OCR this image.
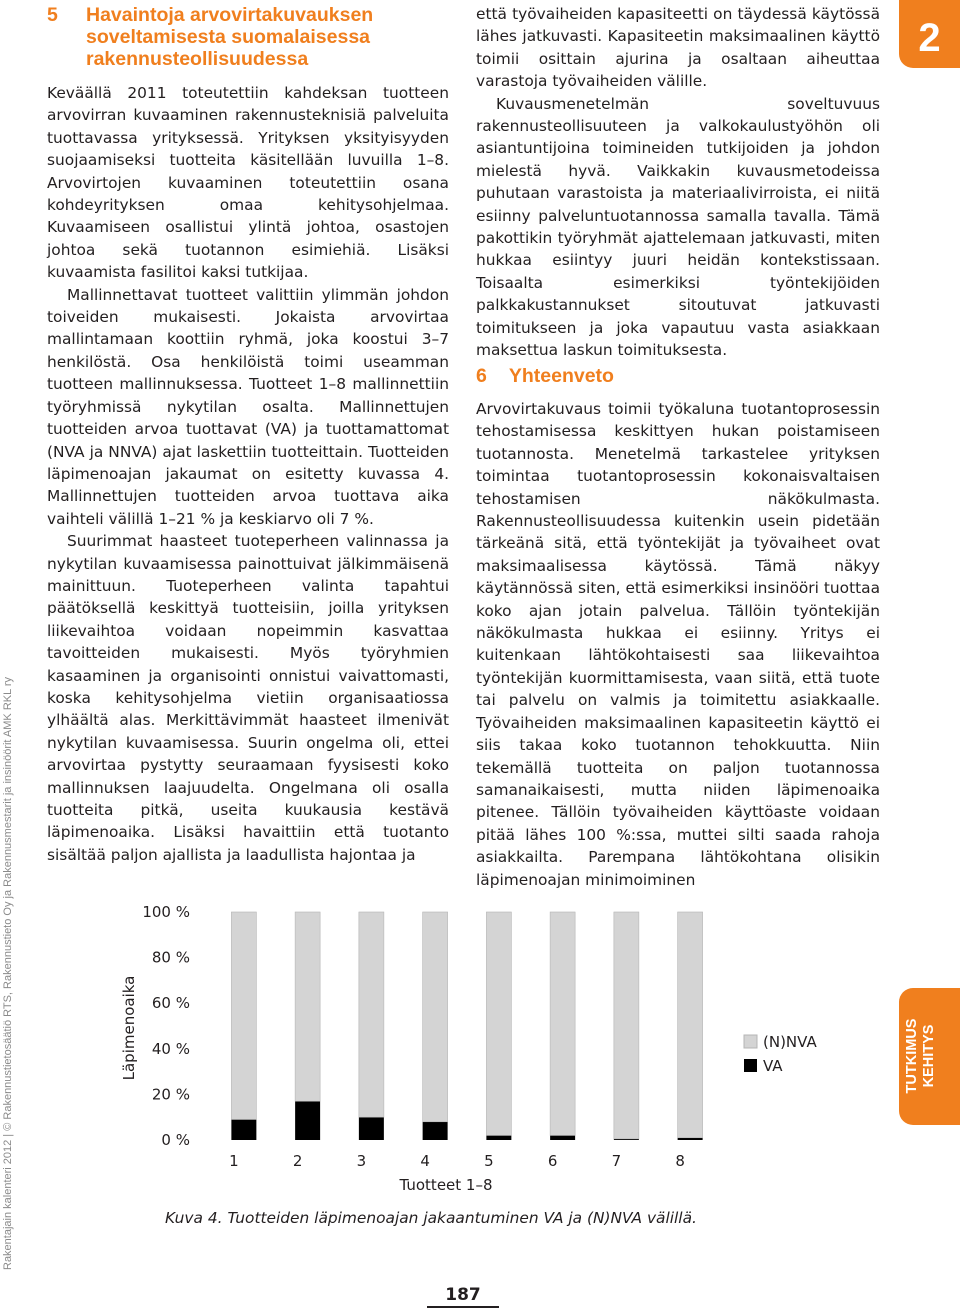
Rakentajain kalenteri 2012 | © Rakennustietosäätiö RTS, Rakennustieto Oy ja Rakennusmestarit ja insinöörit AMK RKL ry
5 Havaintoja arvovirtakuvauksen soveltamisesta suomalaisessa rakennusteollisuudessa

Keväällä 2011 toteutettiin kahdeksan tuotteen arvovirran kuvaaminen rakennusteknisiä palveluita tuottavassa yrityksessä. Yrityksen yksityisyyden suojaamiseksi tuotteita käsitellään luvuilla 1–8. Arvovirtojen kuvaaminen toteutettiin osana kohdeyrityksen omaa kehitysohjelmaa. Kuvaamiseen osallistui ylintä johtoa, osastojen johtoa sekä tuotannon esimiehiä. Lisäksi kuvaamista fasilitoi kaksi tutkijaa.

Mallinnettavat tuotteet valittiin ylimmän johdon toiveiden mukaisesti. Jokaista arvovirtaa mallintamaan koottiin ryhmä, joka koostui 3–7 henkilöstä. Osa henkilöistä toimi useamman tuotteen mallinnuksessa. Tuotteet 1–8 mallinnettiin työryhmissä nykytilan osalta. Mallinnettujen tuotteiden arvoa tuottavat (VA) ja tuottamattomat (NVA ja NNVA) ajat laskettiin tuotteittain. Tuotteiden läpimenoajan jakaumat on esitetty kuvassa 4. Mallinnettujen tuotteiden arvoa tuottava aika vaihteli välillä 1–21 % ja keskiarvo oli 7 %.

Suurimmat haasteet tuoteperheen valinnassa ja nykytilan kuvaamisessa painottuivat jälkimmäisenä mainittuun. Tuoteperheen valinta tapahtui päätöksellä keskittyä tuotteisiin, joilla yrityksen liikevaihtoa voidaan nopeimmin kasvattaa tavoitteiden mukaisesti. Myös työryhmien kasaaminen ja organisointi onnistui vaivattomasti, koska kehitysohjelma vietiin organisaatiossa ylhäältä alas. Merkittävimmät haasteet ilmenivät nykytilan kuvaamisessa. Suurin ongelma oli, ettei arvovirtaa pystytty seuraamaan fyysisesti koko mallinnuksen laajuudelta. Ongelmana oli osalla tuotteita pitkä, useita kuukausia kestävä läpimenoaika. Lisäksi havaittiin että tuotanto sisältää paljon ajallista ja laadullista hajontaa ja

että työvaiheiden kapasiteetti on täydessä käytössä lähes jatkuvasti. Kapasiteetin maksimaalinen käyttö toimii osittain ajurina ja osaltaan aiheuttaa varastoja työvaiheiden välille.

Kuvausmenetelmän soveltuvuus rakennusteollisuuteen ja valkokaulustyöhön oli asiantuntijoina toimineiden tutkijoiden ja johdon mielestä hyvä. Vaikkakin kuvausmetodeissa puhutaan varastoista ja materiaalivirroista, ei niitä esiinny palveluntuotannossa samalla tavalla. Tämä pakottikin työryhmät ajattelemaan jatkuvasti, miten hukkaa esiintyy juuri heidän kontekstissaan. Toisaalta esimerkiksi työntekijöiden palkkakustannukset sitoutuvat jatkuvasti toimitukseen ja joka vapautuu vasta asiakkaan maksettua laskun toimituksesta.

6 Yhteenveto

Arvovirtakuvaus toimii työkaluna tuotantoprosessin tehostamisessa keskittyen hukan poistamiseen tuotannosta. Menetelmä tarkastelee yrityksen toimintaa tuotantoprosessin kokonaisvaltaisen tehostamisen näkökulmasta. Rakennusteollisuudessa kuitenkin usein pidetään tärkeänä sitä, että työntekijät ja työvaiheet ovat maksimaalisessa käytössä. Tämä näkyy käytännössä siten, että esimerkiksi insinööri tuottaa koko ajan jotain palvelua. Tällöin työntekijän näkökulmasta hukkaa ei esiinny. Yritys ei kuitenkaan lähtökohtaisesti saa liikevaihtoa työntekijän kuormittamisesta, vaan siitä, että tuote tai palvelu on valmis ja toimitettu asiakkaalle. Työvaiheiden maksimaalinen kapasiteetin käyttö ei siis takaa koko tuotannon tehokkuutta. Niin tekemällä tuotteita on paljon tuotannossa samanaikaisesti, mutta niiden läpimenoaika pitenee. Tällöin työvaiheiden käyttöaste voidaan pitää lähes 100 %:ssa, muttei silti saada rahoja asiakkailta. Parempana lähtökohtana olisikin läpimenoajan minimoiminen

2
TUTKIMUS KEHITYS
0 %
20 %
40 %
60 %
80 %
100 %
1	2	3	4	5	6	7	8
Läpimenoaika
Tuotteet 1–8
(N)NVA
VA
Kuva 4. Tuotteiden läpimenoajan jakaantuminen VA ja (N)NVA välillä.
187
